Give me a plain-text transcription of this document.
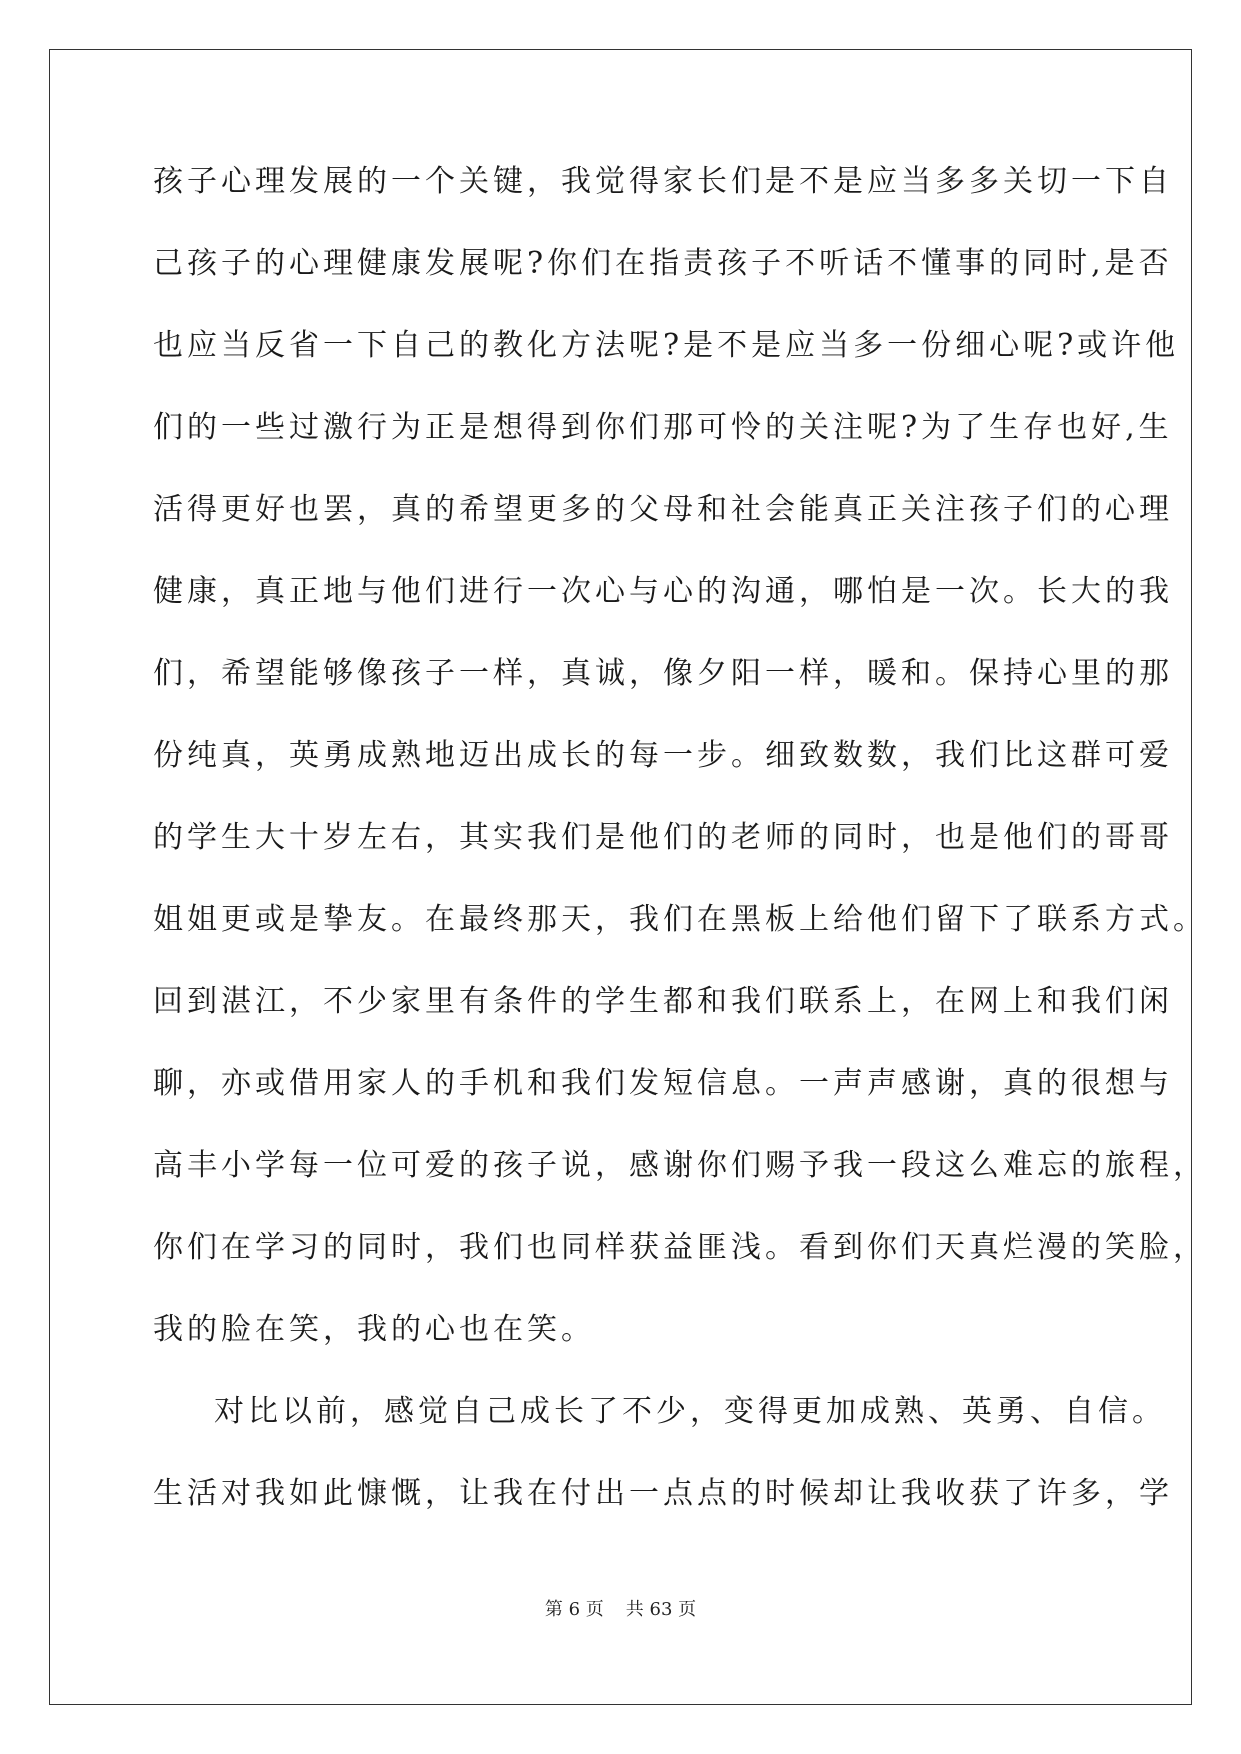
孩子心理发展的一个关键，我觉得家长们是不是应当多多关切一下自
己孩子的心理健康发展呢?你们在指责孩子不听话不懂事的同时,是否
也应当反省一下自己的教化方法呢?是不是应当多一份细心呢?或许他
们的一些过激行为正是想得到你们那可怜的关注呢?为了生存也好,生
活得更好也罢，真的希望更多的父母和社会能真正关注孩子们的心理
健康，真正地与他们进行一次心与心的沟通，哪怕是一次。长大的我
们，希望能够像孩子一样，真诚，像夕阳一样，暖和。保持心里的那
份纯真，英勇成熟地迈出成长的每一步。细致数数，我们比这群可爱
的学生大十岁左右，其实我们是他们的老师的同时，也是他们的哥哥
姐姐更或是挚友。在最终那天，我们在黑板上给他们留下了联系方式。
回到湛江，不少家里有条件的学生都和我们联系上，在网上和我们闲
聊，亦或借用家人的手机和我们发短信息。一声声感谢，真的很想与
高丰小学每一位可爱的孩子说，感谢你们赐予我一段这么难忘的旅程，
你们在学习的同时，我们也同样获益匪浅。看到你们天真烂漫的笑脸，
我的脸在笑，我的心也在笑。
对比以前，感觉自己成长了不少，变得更加成熟、英勇、自信。
生活对我如此慷慨，让我在付出一点点的时候却让我收获了许多，学
第 6 页 共 63 页
